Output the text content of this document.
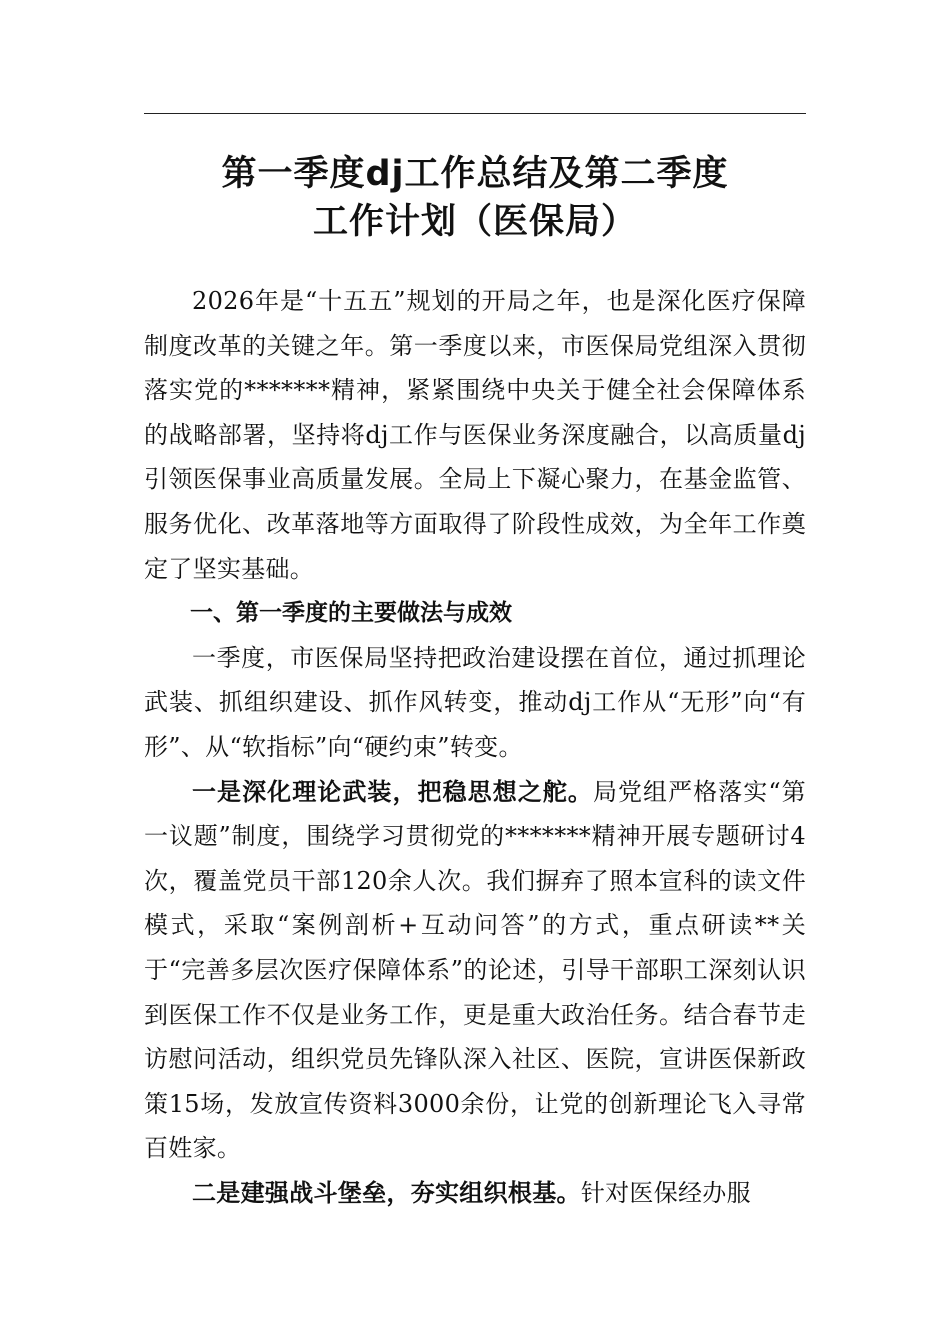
第一季度dj工作总结及第二季度
工作计划（医保局）

2026年是“十五五”规划的开局之年，也是深化医疗保障制度改革的关键之年。第一季度以来，市医保局党组深入贯彻落实党的*******精神，紧紧围绕中央关于健全社会保障体系的战略部署，坚持将dj工作与医保业务深度融合，以高质量dj引领医保事业高质量发展。全局上下凝心聚力，在基金监管、服务优化、改革落地等方面取得了阶段性成效，为全年工作奠定了坚实基础。

一、第一季度的主要做法与成效

一季度，市医保局坚持把政治建设摆在首位，通过抓理论武装、抓组织建设、抓作风转变，推动dj工作从“无形”向“有形”、从“软指标”向“硬约束”转变。

一是深化理论武装，把稳思想之舵。局党组严格落实“第一议题”制度，围绕学习贯彻党的*******精神开展专题研讨4次，覆盖党员干部120余人次。我们摒弃了照本宣科的读文件模式，采取“案例剖析+互动问答”的方式，重点研读**关于“完善多层次医疗保障体系”的论述，引导干部职工深刻认识到医保工作不仅是业务工作，更是重大政治任务。结合春节走访慰问活动，组织党员先锋队深入社区、医院，宣讲医保新政策15场，发放宣传资料3000余份，让党的创新理论飞入寻常百姓家。

二是建强战斗堡垒，夯实组织根基。针对医保经办服
